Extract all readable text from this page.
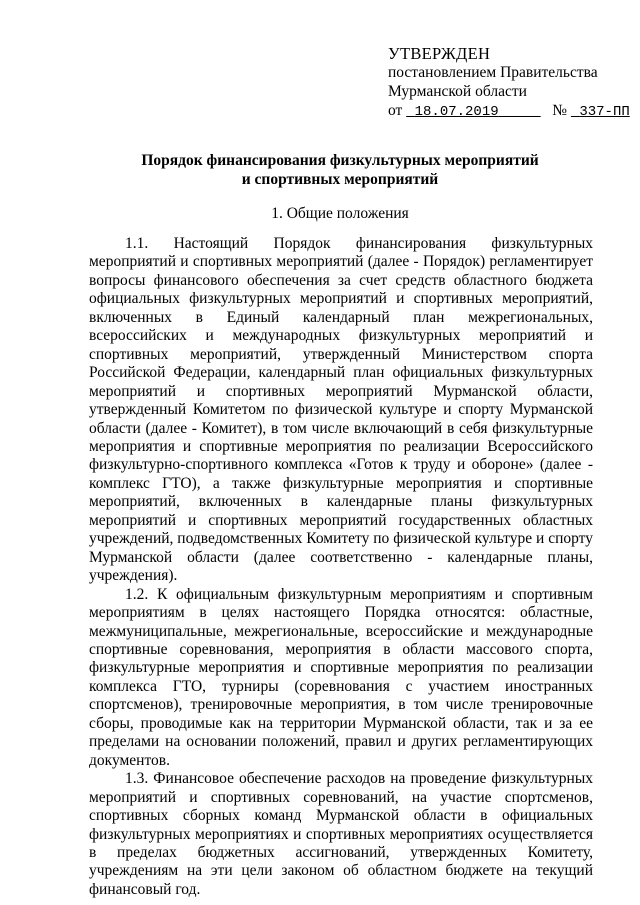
УТВЕРЖДЕН
постановлением Правительства
Мурманской области
от 18.07.2019	№ 337-ПП
Порядок финансирования физкультурных мероприятий
и спортивных мероприятий
1. Общие положения

1.1. Настоящий Порядок финансирования физкультурных мероприятий и спортивных мероприятий (далее - Порядок) регламентирует вопросы финансового обеспечения за счет средств областного бюджета официальных физкультурных мероприятий и спортивных мероприятий, включенных в Единый календарный план межрегиональных, всероссийских и международных физкультурных мероприятий и спортивных мероприятий, утвержденный Министерством спорта Российской Федерации, календарный план официальных физкультурных мероприятий и спортивных мероприятий Мурманской области, утвержденный Комитетом по физической культуре и спорту Мурманской области (далее - Комитет), в том числе включающий в себя физкультурные мероприятия и спортивные мероприятия по реализации Всероссийского физкультурно-спортивного комплекса «Готов к труду и обороне» (далее - комплекс ГТО), а также физкультурные мероприятия и спортивные мероприятий, включенных в календарные планы физкультурных мероприятий и спортивных мероприятий государственных областных учреждений, подведомственных Комитету по физической культуре и спорту Мурманской области (далее соответственно - календарные планы, учреждения).

1.2. К официальным физкультурным мероприятиям и спортивным мероприятиям в целях настоящего Порядка относятся: областные, межмуниципальные, межрегиональные, всероссийские и международные спортивные соревнования, мероприятия в области массового спорта, физкультурные мероприятия и спортивные мероприятия по реализации комплекса ГТО, турниры (соревнования с участием иностранных спортсменов), тренировочные мероприятия, в том числе тренировочные сборы, проводимые как на территории Мурманской области, так и за ее пределами на основании положений, правил и других регламентирующих документов.

1.3. Финансовое обеспечение расходов на проведение физкультурных мероприятий и спортивных соревнований, на участие спортсменов, спортивных сборных команд Мурманской области в официальных физкультурных мероприятиях и спортивных мероприятиях осуществляется в пределах бюджетных ассигнований, утвержденных Комитету, учреждениям на эти цели законом об областном бюджете на текущий финансовый год.
